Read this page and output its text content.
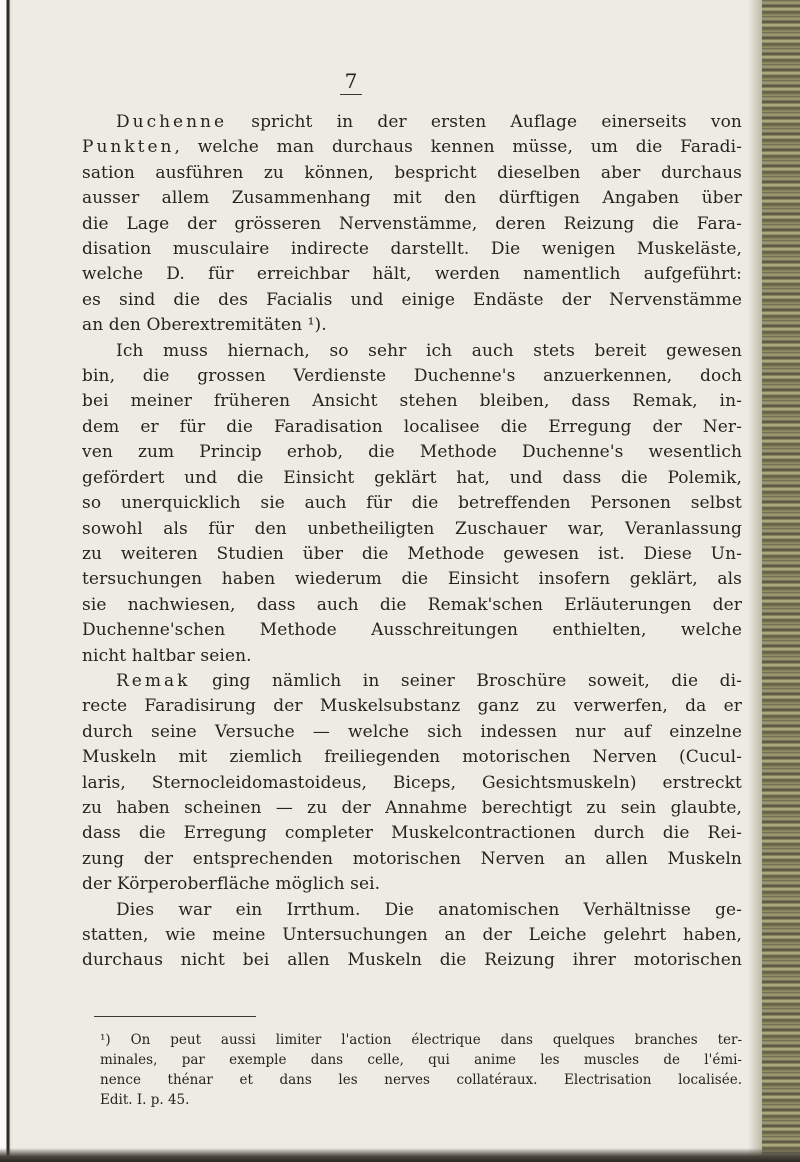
7
Duchenne spricht in der ersten Auflage einerseits von
Punkten, welche man durchaus kennen müsse, um die Faradi-
sation ausführen zu können, bespricht dieselben aber durchaus
ausser allem Zusammenhang mit den dürftigen Angaben über
die Lage der grösseren Nervenstämme, deren Reizung die Fara-
disation musculaire indirecte darstellt. Die wenigen Muskeläste,
welche D. für erreichbar hält, werden namentlich aufgeführt:
es sind die des Facialis und einige Endäste der Nervenstämme
an den Oberextremitäten ¹).
Ich muss hiernach, so sehr ich auch stets bereit gewesen
bin, die grossen Verdienste Duchenne's anzuerkennen, doch
bei meiner früheren Ansicht stehen bleiben, dass Remak, in-
dem er für die Faradisation localisee die Erregung der Ner-
ven zum Princip erhob, die Methode Duchenne's wesentlich
gefördert und die Einsicht geklärt hat, und dass die Polemik,
so unerquicklich sie auch für die betreffenden Personen selbst
sowohl als für den unbetheiligten Zuschauer war, Veranlassung
zu weiteren Studien über die Methode gewesen ist. Diese Un-
tersuchungen haben wiederum die Einsicht insofern geklärt, als
sie nachwiesen, dass auch die Remak'schen Erläuterungen der
Duchenne'schen Methode Ausschreitungen enthielten, welche
nicht haltbar seien.
Remak ging nämlich in seiner Broschüre soweit, die di-
recte Faradisirung der Muskelsubstanz ganz zu verwerfen, da er
durch seine Versuche — welche sich indessen nur auf einzelne
Muskeln mit ziemlich freiliegenden motorischen Nerven (Cucul-
laris, Sternocleidomastoideus, Biceps, Gesichtsmuskeln) erstreckt
zu haben scheinen — zu der Annahme berechtigt zu sein glaubte,
dass die Erregung completer Muskelcontractionen durch die Rei-
zung der entsprechenden motorischen Nerven an allen Muskeln
der Körperoberfläche möglich sei.
Dies war ein Irrthum. Die anatomischen Verhältnisse ge-
statten, wie meine Untersuchungen an der Leiche gelehrt haben,
durchaus nicht bei allen Muskeln die Reizung ihrer motorischen
¹) On peut aussi limiter l'action électrique dans quelques branches ter-
minales, par exemple dans celle, qui anime les muscles de l'émi-
nence thénar et dans les nerves collatéraux. Electrisation localisée.
Edit. I. p. 45.
